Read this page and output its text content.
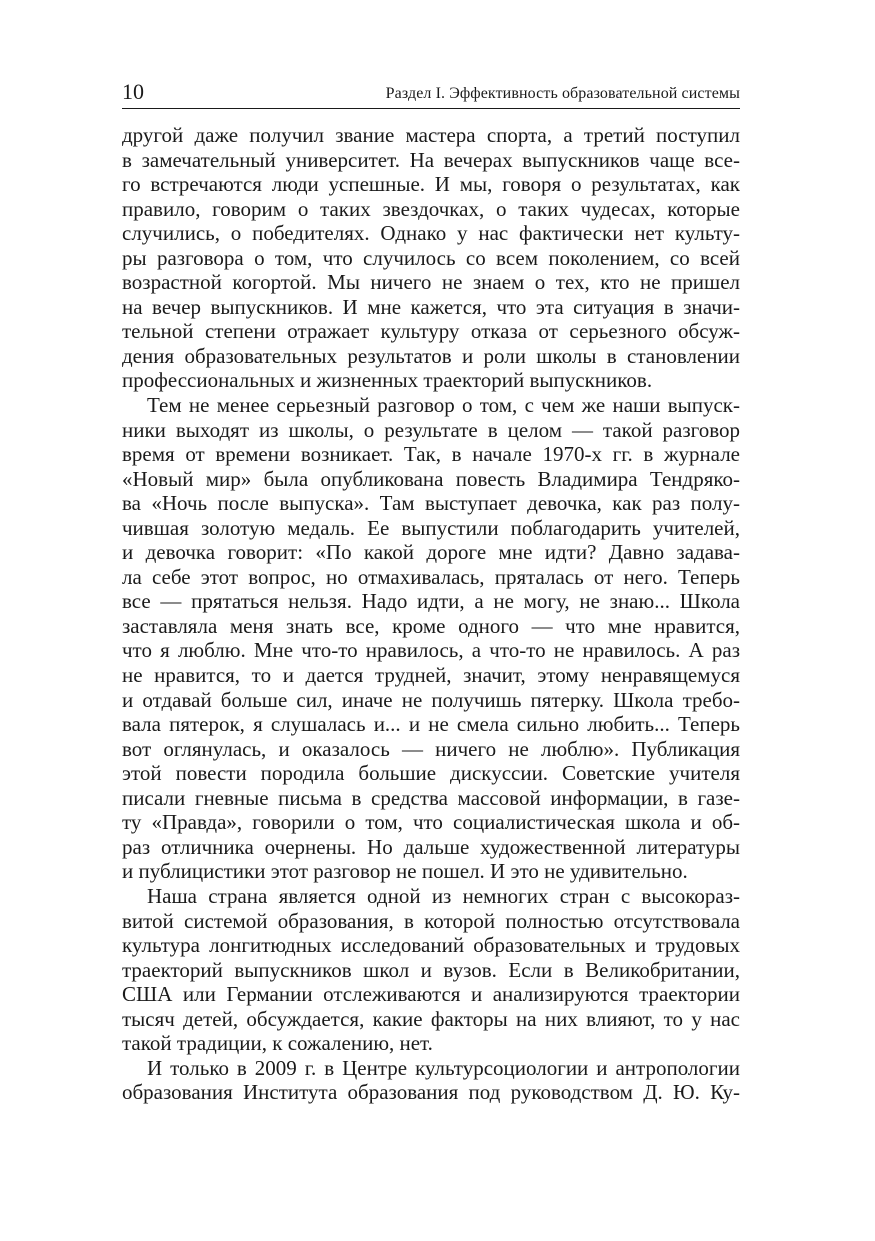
10	Раздел I. Эффективность образовательной системы
другой даже получил звание мастера спорта, а третий поступил
в замечательный университет. На вечерах выпускников чаще все-
го встречаются люди успешные. И мы, говоря о результатах, как
правило, говорим о таких звездочках, о таких чудесах, которые
случились, о победителях. Однако у нас фактически нет культу-
ры разговора о том, что случилось со всем поколением, со всей
возрастной когортой. Мы ничего не знаем о тех, кто не пришел
на вечер выпускников. И мне кажется, что эта ситуация в значи-
тельной степени отражает культуру отказа от серьезного обсуж-
дения образовательных результатов и роли школы в становлении
профессиональных и жизненных траекторий выпускников.
Тем не менее серьезный разговор о том, с чем же наши выпуск-
ники выходят из школы, о результате в целом — такой разговор
время от времени возникает. Так, в начале 1970-х гг. в журнале
«Новый мир» была опубликована повесть Владимира Тендряко-
ва «Ночь после выпуска». Там выступает девочка, как раз полу-
чившая золотую медаль. Ее выпустили поблагодарить учителей,
и девочка говорит: «По какой дороге мне идти? Давно задава-
ла себе этот вопрос, но отмахивалась, пряталась от него. Теперь
все — прятаться нельзя. Надо идти, а не могу, не знаю... Школа
заставляла меня знать все, кроме одного — что мне нравится,
что я люблю. Мне что-то нравилось, а что-то не нравилось. А раз
не нравится, то и дается трудней, значит, этому ненравящемуся
и отдавай больше сил, иначе не получишь пятерку. Школа требо-
вала пятерок, я слушалась и... и не смела сильно любить... Теперь
вот оглянулась, и оказалось — ничего не люблю». Публикация
этой повести породила большие дискуссии. Советские учителя
писали гневные письма в средства массовой информации, в газе-
ту «Правда», говорили о том, что социалистическая школа и об-
раз отличника очернены. Но дальше художественной литературы
и публицистики этот разговор не пошел. И это не удивительно.
Наша страна является одной из немногих стран с высокораз-
витой системой образования, в которой полностью отсутствовала
культура лонгитюдных исследований образовательных и трудовых
траекторий выпускников школ и вузов. Если в Великобритании,
США или Германии отслеживаются и анализируются траектории
тысяч детей, обсуждается, какие факторы на них влияют, то у нас
такой традиции, к сожалению, нет.
И только в 2009 г. в Центре культурсоциологии и антропологии
образования Института образования под руководством Д. Ю. Ку-
